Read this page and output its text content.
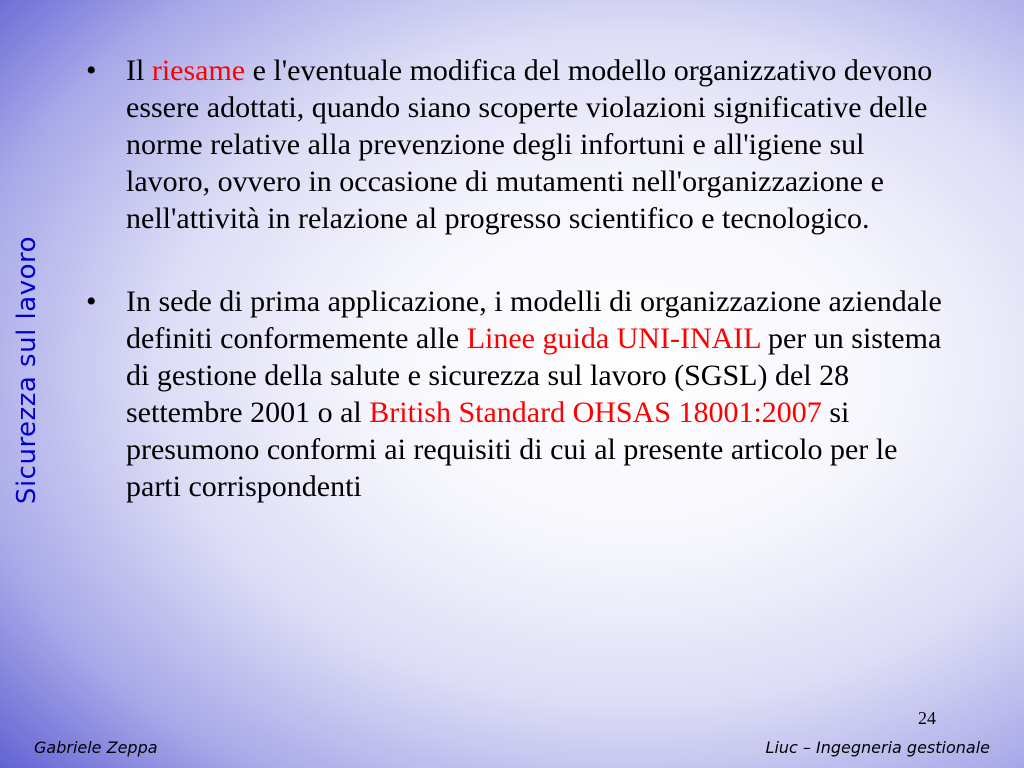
Sicurezza sul lavoro
• Il riesame e l'eventuale modifica del modello organizzativo devono essere adottati, quando siano scoperte violazioni significative delle norme relative alla prevenzione degli infortuni e all'igiene sul lavoro, ovvero in occasione di mutamenti nell'organizzazione e nell'attività in relazione al progresso scientifico e tecnologico.
• In sede di prima applicazione, i modelli di organizzazione aziendale definiti conformemente alle Linee guida UNI-INAIL per un sistema di gestione della salute e sicurezza sul lavoro (SGSL) del 28 settembre 2001 o al British Standard OHSAS 18001:2007 si presumono conformi ai requisiti di cui al presente articolo per le parti corrispondenti
24
Gabriele Zeppa	Liuc – Ingegneria gestionale
